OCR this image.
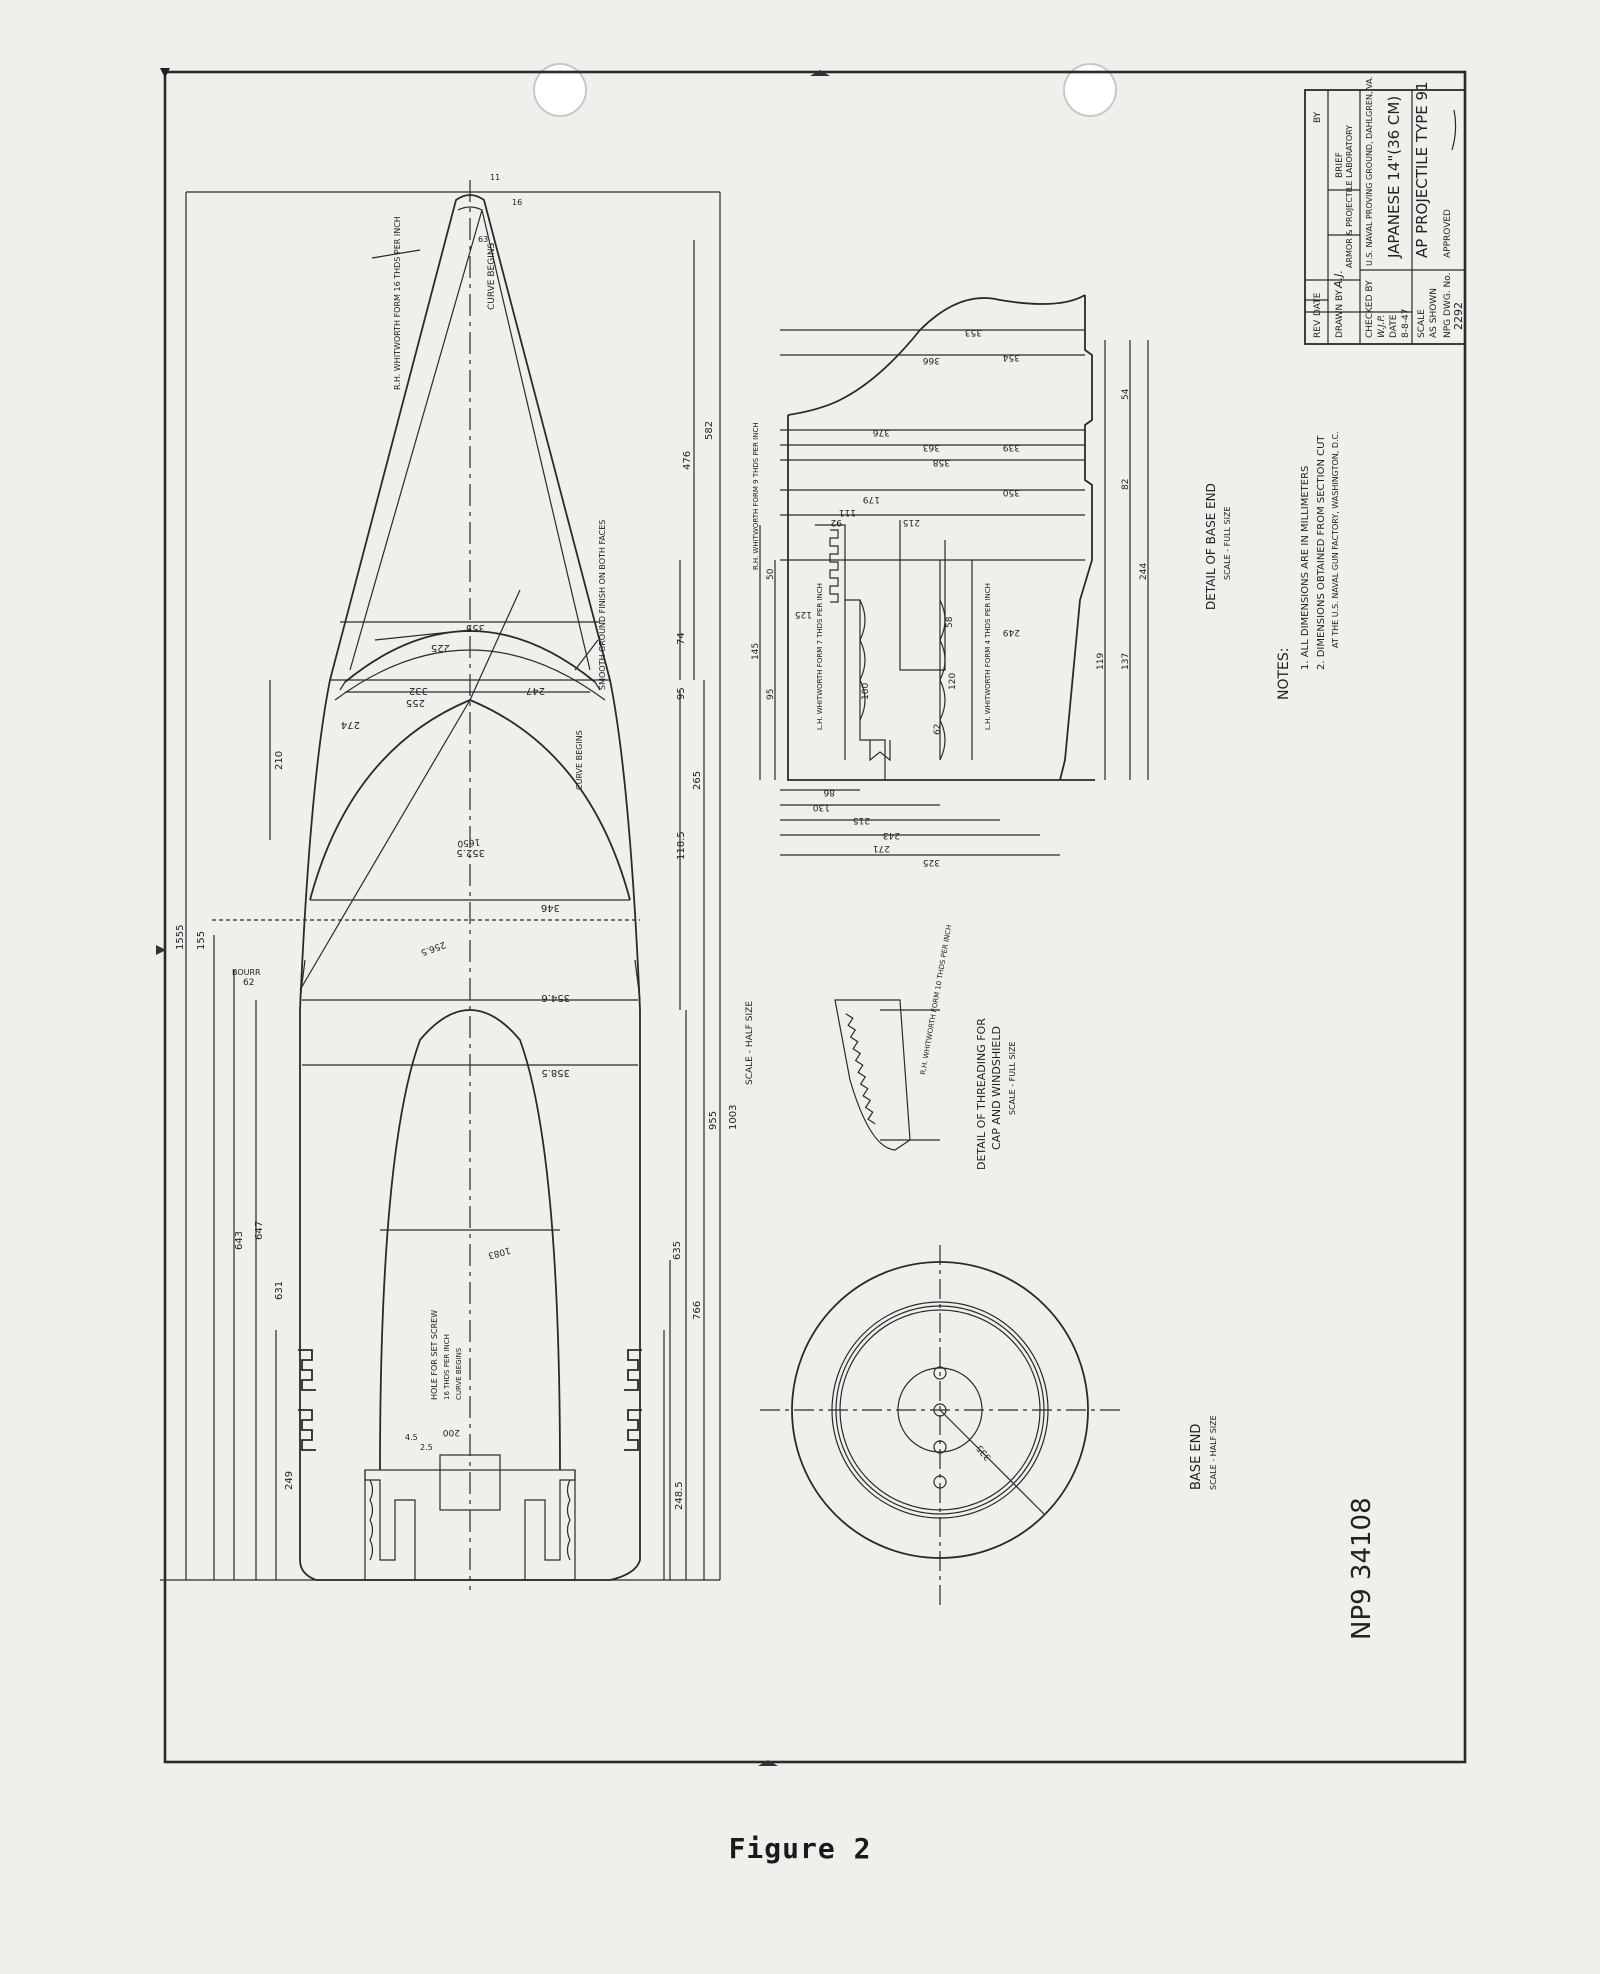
REV
DATE
BY
DRAWN BY
A.J.
BRIEF ARMOR & PROJECTILE LABORATORY
CHECKED BY
U.S. NAVAL PROVING GROUND, DAHLGREN, VA.
W.J.P. DATE
JAPANESE 14"(36 CM)
8-8-47 SCALE
AP PROJECTILE TYPE 91
AS SHOWN NPG DWG. No.
APPROVED
2292
NOTES:
1. ALL DIMENSIONS ARE IN MILLIMETERS 2. DIMENSIONS OBTAINED FROM SECTION CUT AT THE U.S. NAVAL GUN FACTORY, WASHINGTON, D.C.
1003
955
582
476
1555 155
643
647
631
635
766
249
248.5
265
118.5
210
95
74
62
BOURR
346
354.6
358.5
274
247
255
332
225
355
352.5
1650
256.5
1083
200
2.5
4.5
11
63
16
CURVE BEGINS
R.H. WHITWORTH FORM 16 THDS PER INCH
SMOOTH GROUND FINISH ON BOTH FACES
CURVE BEGINS
HOLE FOR SET SCREW 16 THDS PER INCH CURVE BEGINS
SCALE - HALF SIZE
353
354
366
376
363	339
350
358
179
215
111
92
125
145
95
50
100
62
120
58
54
82
244
119 137
215
243
271
325
86
130
249
R.H. WHITWORTH FORM 9 THDS PER INCH
L.H. WHITWORTH FORM 7 THDS PER INCH	L.H. WHITWORTH FORM 4 THDS PER INCH
DETAIL OF BASE END SCALE - FULL SIZE
R.H. WHITWORTH FORM 10 THDS PER INCH
DETAIL OF THREADING FOR CAP AND WINDSHIELD SCALE - FULL SIZE
335	BASE END SCALE - HALF SIZE
NP9 34108
Figure 2
